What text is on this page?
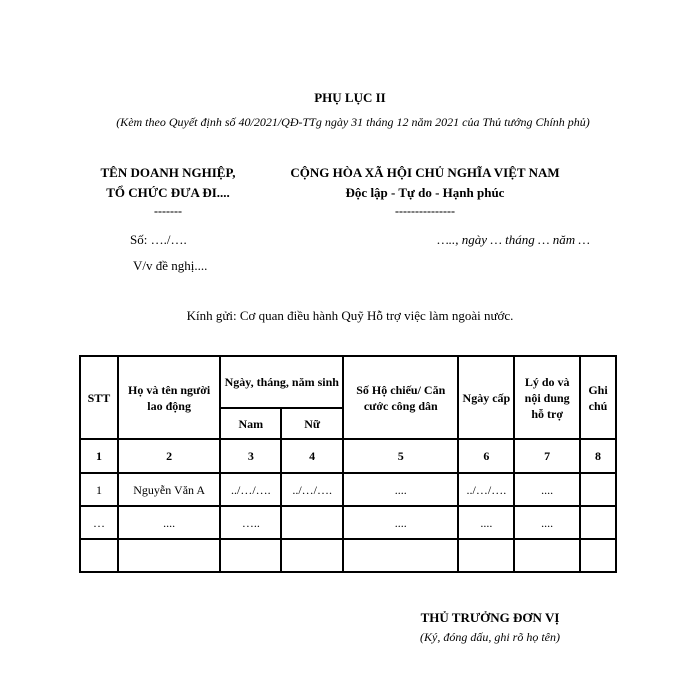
PHỤ LỤC II
(Kèm theo Quyết định số 40/2021/QĐ-TTg ngày 31 tháng 12 năm 2021 của Thủ tướng Chính phủ)
TÊN DOANH NGHIỆP,
TỔ CHỨC ĐƯA ĐI....
-------
CỘNG HÒA XÃ HỘI CHỦ NGHĨA VIỆT NAM
Độc lập - Tự do - Hạnh phúc
---------------
Số: …./….
V/v đề nghị....
….., ngày … tháng … năm …
Kính gửi: Cơ quan điều hành Quỹ Hỗ trợ việc làm ngoài nước.
STT	Họ và tên người lao động	Ngày, tháng, năm sinh		Số Hộ chiếu/ Căn cước công dân	Ngày cấp	Lý do và nội dung hỗ trợ	Ghi chú
		Nam	Nữ				
1	2	3	4	5	6	7	8
1	Nguyễn Văn A	../…/….	../…/….	....	../…/….	....	
…	....	…..		....	....	....	

THỦ TRƯỞNG ĐƠN VỊ
(Ký, đóng dấu, ghi rõ họ tên)
